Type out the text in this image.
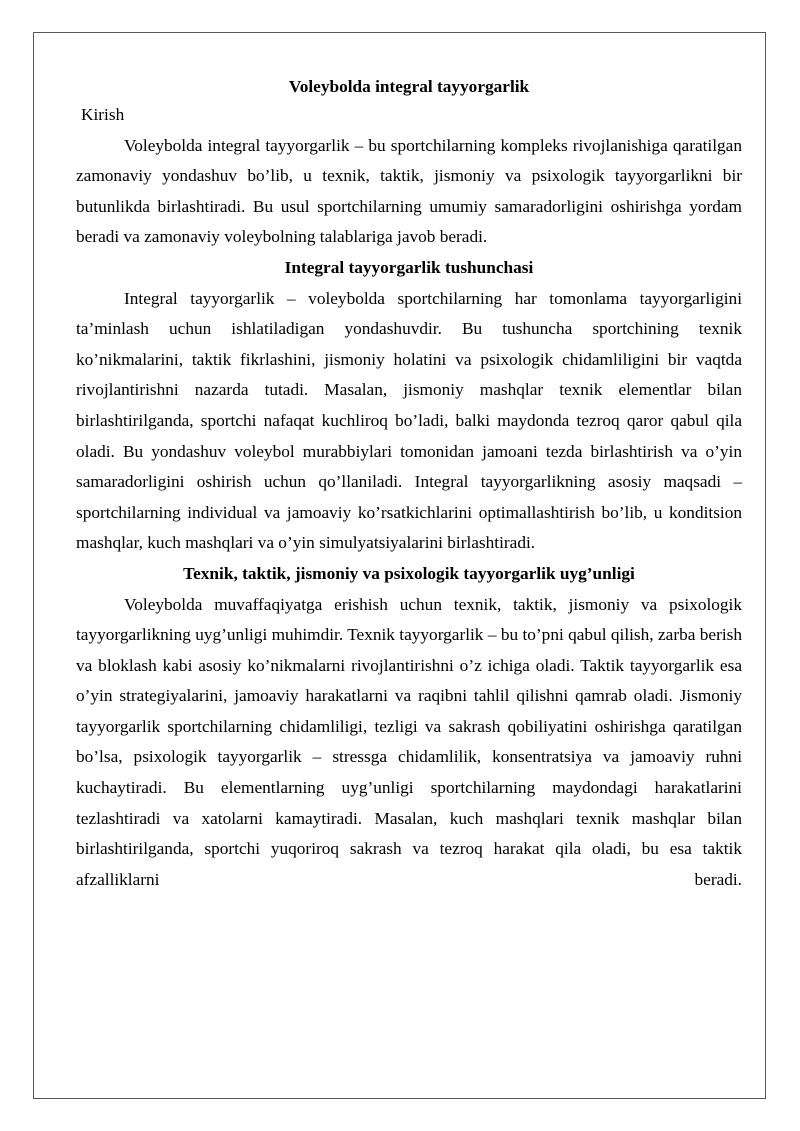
Voleybolda integral tayyorgarlik

Kirish

Voleybolda integral tayyorgarlik – bu sportchilarning kompleks rivojlanishiga qaratilgan zamonaviy yondashuv bo’lib, u texnik, taktik, jismoniy va psixologik tayyorgarlikni bir butunlikda birlashtiradi. Bu usul sportchilarning umumiy samaradorligini oshirishga yordam beradi va zamonaviy voleybolning talablariga javob beradi.

Integral tayyorgarlik tushunchasi

Integral tayyorgarlik – voleybolda sportchilarning har tomonlama tayyorgarligini ta’minlash uchun ishlatiladigan yondashuvdir. Bu tushuncha sportchining texnik ko’nikmalarini, taktik fikrlashini, jismoniy holatini va psixologik chidamliligini bir vaqtda rivojlantirishni nazarda tutadi. Masalan, jismoniy mashqlar texnik elementlar bilan birlashtirilganda, sportchi nafaqat kuchliroq bo’ladi, balki maydonda tezroq qaror qabul qila oladi. Bu yondashuv voleybol murabbiylari tomonidan jamoani tezda birlashtirish va o’yin samaradorligini oshirish uchun qo’llaniladi. Integral tayyorgarlikning asosiy maqsadi – sportchilarning individual va jamoaviy ko’rsatkichlarini optimallashtirish bo’lib, u konditsion mashqlar, kuch mashqlari va o’yin simulyatsiyalarini birlashtiradi.

Texnik, taktik, jismoniy va psixologik tayyorgarlik uyg’unligi

Voleybolda muvaffaqiyatga erishish uchun texnik, taktik, jismoniy va psixologik tayyorgarlikning uyg’unligi muhimdir. Texnik tayyorgarlik – bu to’pni qabul qilish, zarba berish va bloklash kabi asosiy ko’nikmalarni rivojlantirishni o’z ichiga oladi. Taktik tayyorgarlik esa o’yin strategiyalarini, jamoaviy harakatlarni va raqibni tahlil qilishni qamrab oladi. Jismoniy tayyorgarlik sportchilarning chidamliligi, tezligi va sakrash qobiliyatini oshirishga qaratilgan bo’lsa, psixologik tayyorgarlik – stressga chidamlilik, konsentratsiya va jamoaviy ruhni kuchaytiradi. Bu elementlarning uyg’unligi sportchilarning maydondagi harakatlarini tezlashtiradi va xatolarni kamaytiradi. Masalan, kuch mashqlari texnik mashqlar bilan birlashtirilganda, sportchi yuqoriroq sakrash va tezroq harakat qila oladi, bu esa taktik afzalliklarni beradi.
